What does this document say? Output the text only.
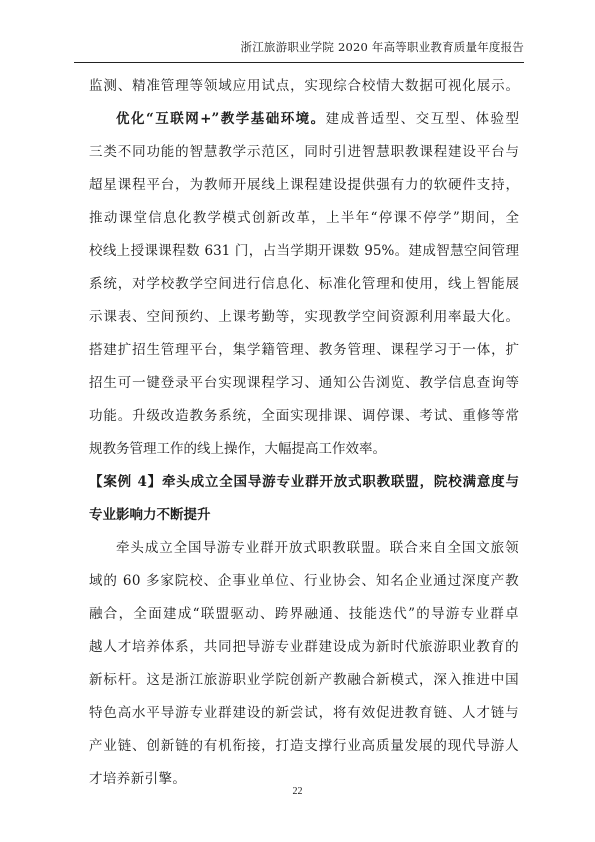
浙江旅游职业学院 2020 年高等职业教育质量年度报告
监测、精准管理等领域应用试点，实现综合校情大数据可视化展示。
优化“互联网+”教学基础环境。建成普适型、交互型、体验型
三类不同功能的智慧教学示范区，同时引进智慧职教课程建设平台与
超星课程平台，为教师开展线上课程建设提供强有力的软硬件支持，
推动课堂信息化教学模式创新改革，上半年“停课不停学”期间，全
校线上授课课程数 631 门，占当学期开课数 95%。建成智慧空间管理
系统，对学校教学空间进行信息化、标准化管理和使用，线上智能展
示课表、空间预约、上课考勤等，实现教学空间资源利用率最大化。
搭建扩招生管理平台，集学籍管理、教务管理、课程学习于一体，扩
招生可一键登录平台实现课程学习、通知公告浏览、教学信息查询等
功能。升级改造教务系统，全面实现排课、调停课、考试、重修等常
规教务管理工作的线上操作，大幅提高工作效率。
【案例 4】牵头成立全国导游专业群开放式职教联盟，院校满意度与
专业影响力不断提升
牵头成立全国导游专业群开放式职教联盟。联合来自全国文旅领
域的 60 多家院校、企事业单位、行业协会、知名企业通过深度产教
融合，全面建成“联盟驱动、跨界融通、技能迭代”的导游专业群卓
越人才培养体系，共同把导游专业群建设成为新时代旅游职业教育的
新标杆。这是浙江旅游职业学院创新产教融合新模式，深入推进中国
特色高水平导游专业群建设的新尝试，将有效促进教育链、人才链与
产业链、创新链的有机衔接，打造支撑行业高质量发展的现代导游人
才培养新引擎。
22
